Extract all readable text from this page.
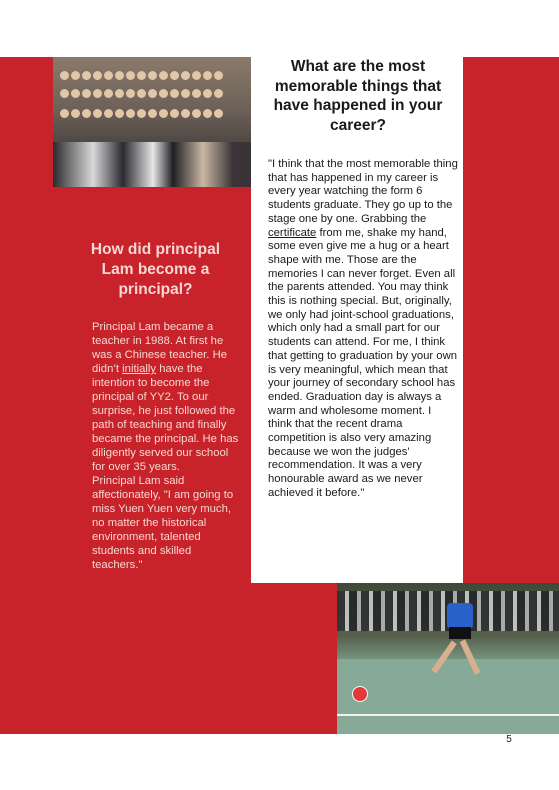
What are the most memorable things that have happened in your career?
"I think that the most memorable thing that has happened in my career is every year watching the form 6 students graduate. They go up to the stage one by one. Grabbing the certificate from me, shake my hand, some even give me a hug or a heart shape with me. Those are the memories I can never forget. Even all the parents attended. You may think this is nothing special. But, originally, we only had joint-school graduations, which only had a small part for our students can attend. For me, I think that getting to graduation by your own is very meaningful, which mean that your journey of secondary school has ended. Graduation day is always a warm and wholesome moment. I think that the recent drama competition is also very amazing because we won the judges' recommendation. It was a very honourable award as we never achieved it before."
How did principal Lam become a principal?
Principal Lam became a teacher in 1988. At first he was a Chinese teacher. He didn’t initially have the intention to become the principal of YY2. To our surprise, he just followed the path of teaching and finally became the principal. He has diligently served our school for over 35 years.
Principal Lam said affectionately, "I am going to miss Yuen Yuen very much, no matter the historical environment, talented students and skilled teachers."
5
